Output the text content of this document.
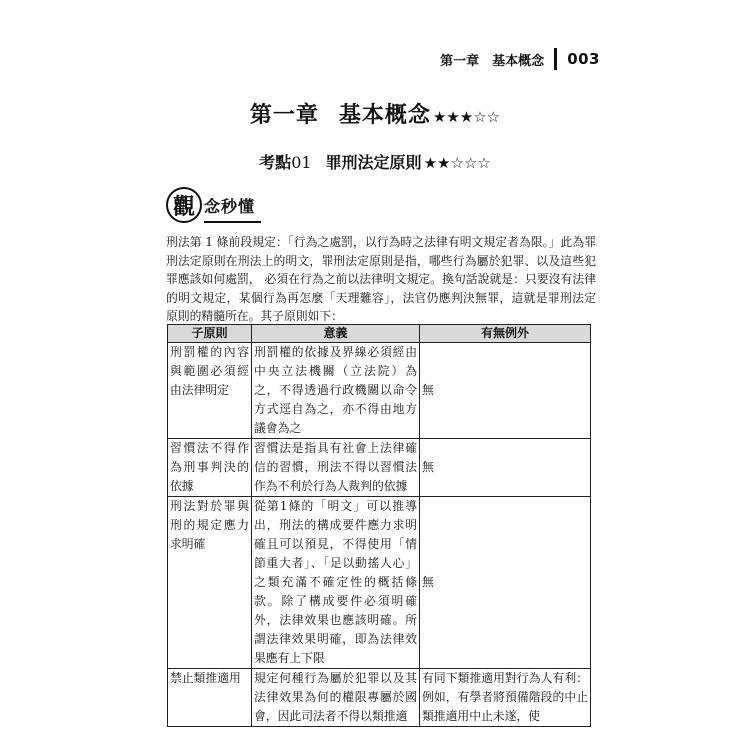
第一章　基本概念 003
第一章 基本概念 ★★★☆☆
考點01 罪刑法定原則 ★★☆☆☆
觀 念秒懂

刑法第 1 條前段規定：「行為之處罰，以行為時之法律有明文規定者為限。」此為罪刑法定原則在刑法上的明文，罪刑法定原則是指，哪些行為屬於犯罪、以及這些犯罪應該如何處罰， 必須在行為之前以法律明文規定。換句話說就是：只要沒有法律的明文規定，某個行為再怎麼「天理難容」，法官仍應判決無罪，這就是罪刑法定原則的精髓所在。其子原則如下：

子原則	意義	有無例外
刑罰權的內容與範圍必須經由法律明定	刑罰權的依據及界線必須經由中央立法機關（立法院）為之，不得透過行政機關以命令方式逕自為之，亦不得由地方議會為之	無
習慣法不得作為刑事判決的依據	習慣法是指具有社會上法律確信的習慣，刑法不得以習慣法作為不利於行為人裁判的依據	無
刑法對於罪與刑的規定應力求明確	從第1條的「明文」可以推導出，刑法的構成要件應力求明確且可以預見，不得使用「情節重大者」、「足以動搖人心」之類充滿不確定性的概括條款。除了構成要件必須明確外，法律效果也應該明確。所謂法律效果明確，即為法律效果應有上下限	無
禁止類推適用	規定何種行為屬於犯罪以及其法律效果為何的權限專屬於國會，因此司法者不得以類推適	有同下類推適用對行為人有利：例如，有學者將預備階段的中止類推適用中止未遂，使
